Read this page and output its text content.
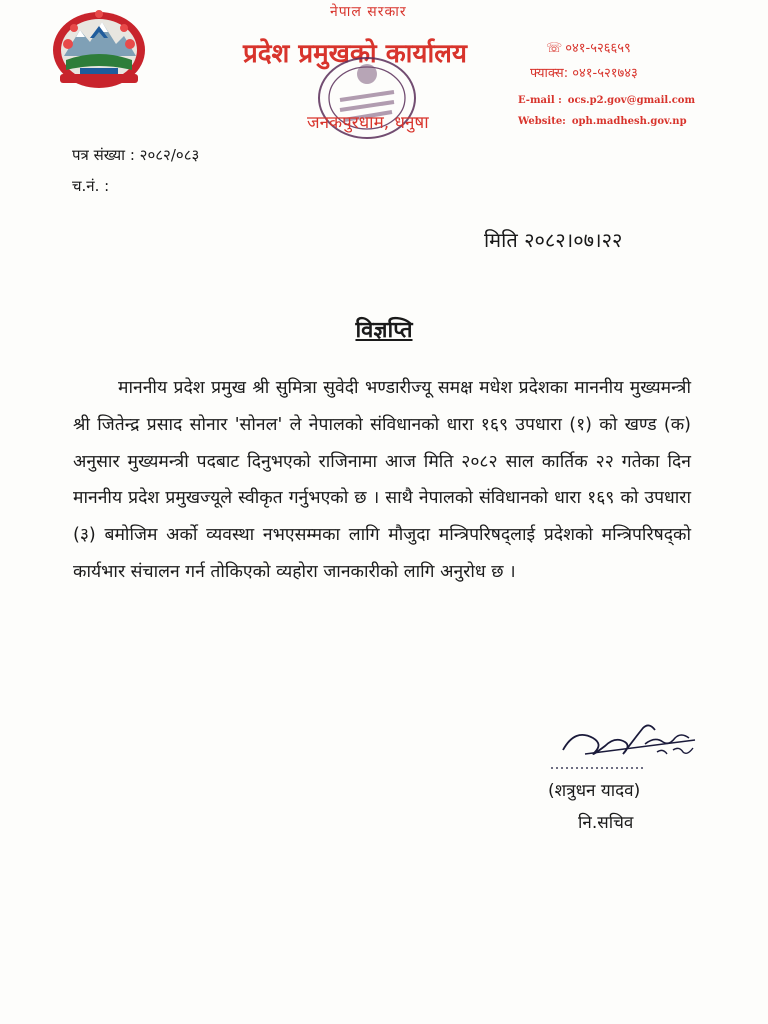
नेपाल सरकार
प्रदेश प्रमुखको कार्यालय
जनकपुरधाम, धनुषा
☏ ०४१-५२६६५९
फ्याक्स: ०४१-५२१७४३
E-mail : ocs.p2.gov@gmail.com
Website: oph.madhesh.gov.np
पत्र संख्या : २०८२/०८३
च.नं. :
मिति २०८२।०७।२२
विज्ञप्ति

माननीय प्रदेश प्रमुख श्री सुमित्रा सुवेदी भण्डारीज्यू समक्ष मधेश प्रदेशका माननीय मुख्यमन्त्री श्री जितेन्द्र प्रसाद सोनार 'सोनल' ले नेपालको संविधानको धारा १६९ उपधारा (१) को खण्ड (क) अनुसार मुख्यमन्त्री पदबाट दिनुभएको राजिनामा आज मिति २०८२ साल कार्तिक २२ गतेका दिन माननीय प्रदेश प्रमुखज्यूले स्वीकृत गर्नुभएको छ । साथै नेपालको संविधानको धारा १६९ को उपधारा (३) बमोजिम अर्को व्यवस्था नभएसम्मका लागि मौजुदा मन्त्रिपरिषद्लाई प्रदेशको मन्त्रिपरिषद्को कार्यभार संचालन गर्न तोकिएको व्यहोरा जानकारीको लागि अनुरोध छ ।

(शत्रुधन यादव)
नि.सचिव
